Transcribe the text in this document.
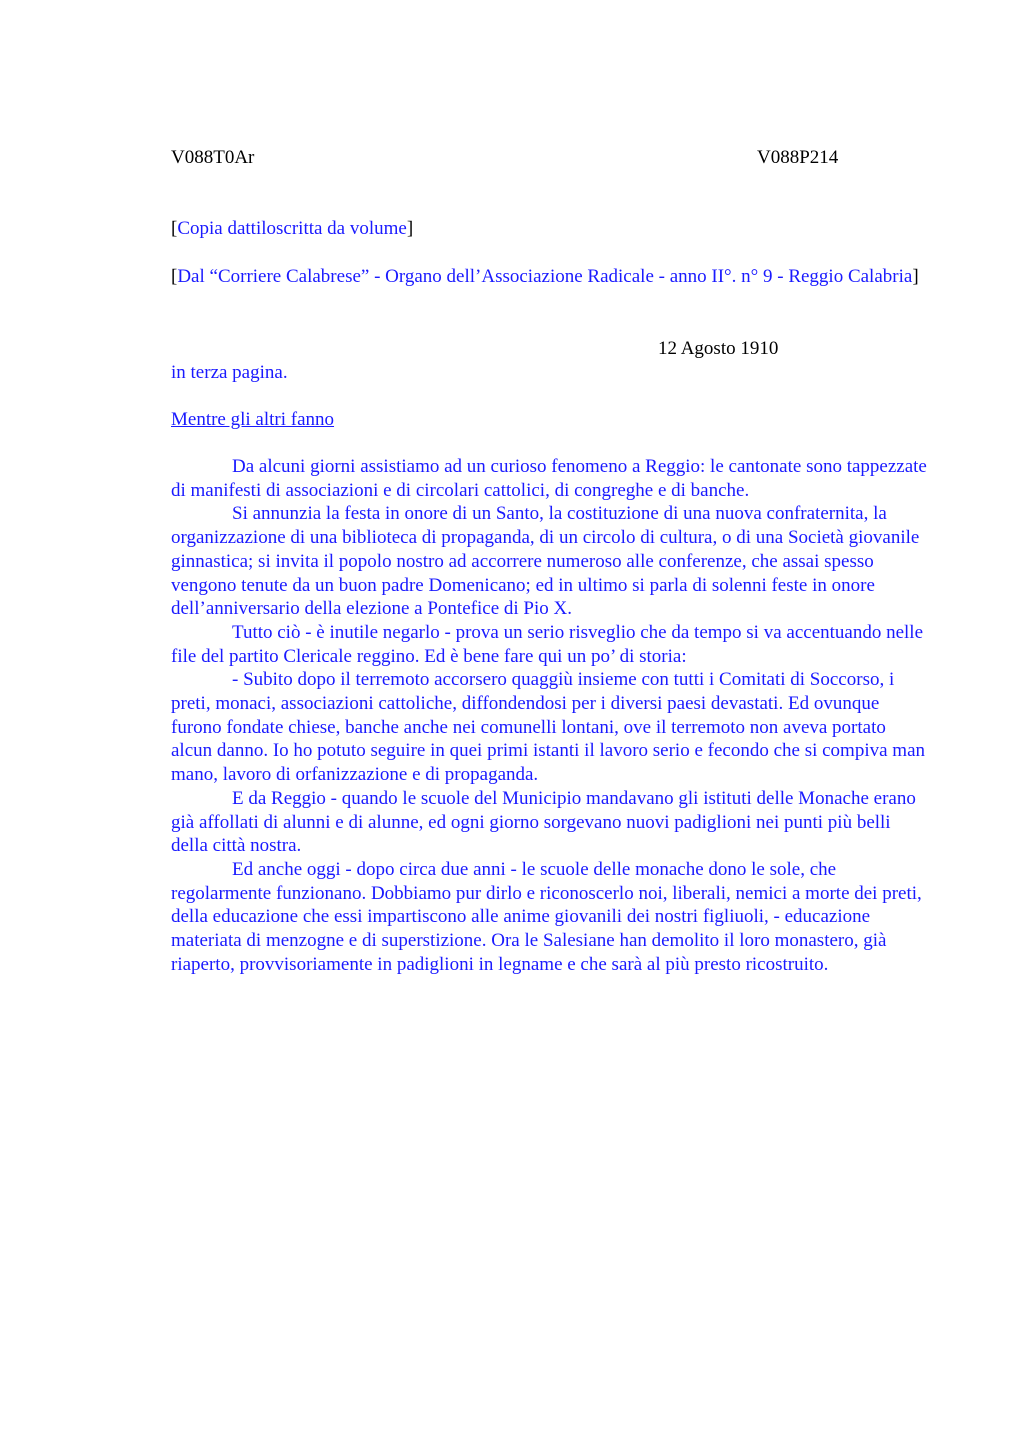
V088T0Ar	V088P214
[Copia dattiloscritta da volume]
[Dal “Corriere Calabrese” - Organo dell’Associazione Radicale - anno II°. n° 9 - Reggio Calabria]
12 Agosto 1910
in terza pagina.
Mentre gli altri fanno

Da alcuni giorni assistiamo ad un curioso fenomeno a Reggio: le cantonate sono tappezzate di manifesti di associazioni e di circolari cattolici, di congreghe e di banche.

Si annunzia la festa in onore di un Santo, la costituzione di una nuova confraternita, la organizzazione di una biblioteca di propaganda, di un circolo di cultura, o di una Società giovanile ginnastica; si invita il popolo nostro ad accorrere numeroso alle conferenze, che assai spesso vengono tenute da un buon padre Domenicano; ed in ultimo si parla di solenni feste in onore dell’anniversario della elezione a Pontefice di Pio X.

Tutto ciò - è inutile negarlo - prova un serio risveglio che da tempo si va accentuando nelle file del partito Clericale reggino. Ed è bene fare qui un po’ di storia:

- Subito dopo il terremoto accorsero quaggiù insieme con tutti i Comitati di Soccorso, i preti, monaci, associazioni cattoliche, diffondendosi per i diversi paesi devastati. Ed ovunque furono fondate chiese, banche anche nei comunelli lontani, ove il terremoto non aveva portato alcun danno. Io ho potuto seguire in quei primi istanti il lavoro serio e fecondo che si compiva man mano, lavoro di orfanizzazione e di propaganda.

E da Reggio - quando le scuole del Municipio mandavano gli istituti delle Monache erano già affollati di alunni e di alunne, ed ogni giorno sorgevano nuovi padiglioni nei punti più belli della città nostra.

Ed anche oggi - dopo circa due anni - le scuole delle monache dono le sole, che regolarmente funzionano. Dobbiamo pur dirlo e riconoscerlo noi, liberali, nemici a morte dei preti, della educazione che essi impartiscono alle anime giovanili dei nostri figliuoli, - educazione materiata di menzogne e di superstizione. Ora le Salesiane han demolito il loro monastero, già riaperto, provvisoriamente in padiglioni in legname e che sarà al più presto ricostruito.
